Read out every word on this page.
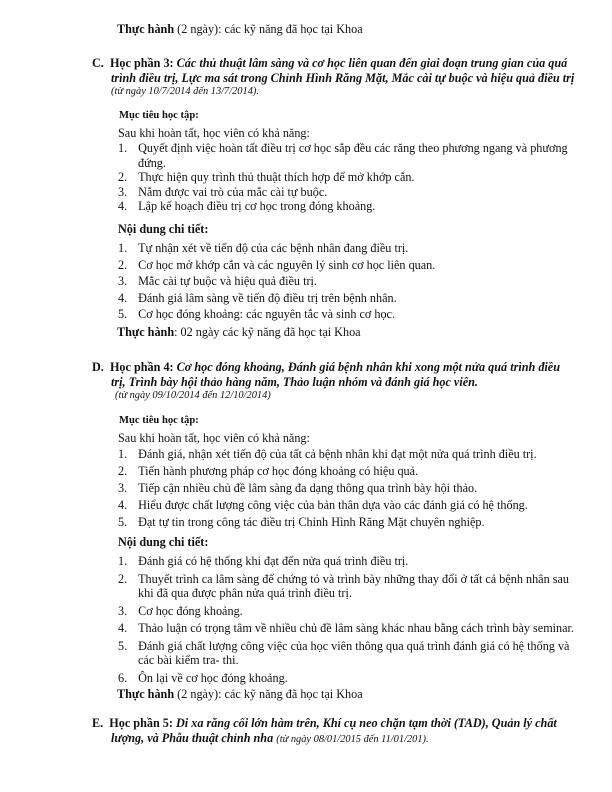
Thực hành (2 ngày): các kỹ năng đã học tại Khoa
C. Học phần 3: Các thủ thuật lâm sàng và cơ học liên quan đến giai đoạn trung gian của quá
trình điều trị, Lực ma sát trong Chỉnh Hình Răng Mặt, Mắc cài tự buộc và hiệu quả điều trị
(từ ngày 10/7/2014 đến 13/7/2014).
Mục tiêu học tập:
Sau khi hoàn tất, học viên có khả năng:
1. Quyết định việc hoàn tất điều trị cơ học sắp đều các răng theo phương ngang và phương
đứng.
2. Thực hiện quy trình thủ thuật thích hợp để mở khớp cắn.
3. Nắm được vai trò của mắc cài tự buộc.
4. Lập kế hoạch điều trị cơ học trong đóng khoảng.
Nội dung chi tiết:
1. Tự nhận xét về tiến độ của các bệnh nhân đang điều trị.
2. Cơ học mở khớp cắn và các nguyên lý sinh cơ học liên quan.
3. Mắc cài tự buộc và hiệu quả điều trị.
4. Đánh giá lâm sàng về tiến độ điều trị trên bệnh nhân.
5. Cơ học đóng khoảng: các nguyên tắc và sinh cơ học.
Thực hành: 02 ngày các kỹ năng đã học tại Khoa
D. Học phần 4: Cơ học đóng khoảng, Đánh giá bệnh nhân khi xong một nửa quá trình điều
trị, Trình bày hội thảo hàng năm, Thảo luận nhóm và đánh giá học viên.
(từ ngày 09/10/2014 đến 12/10/2014)
Mục tiêu học tập:
Sau khi hoàn tất, học viên có khả năng:
1. Đánh giá, nhận xét tiến độ của tất cả bệnh nhân khi đạt một nửa quá trình điều trị.
2. Tiến hành phương pháp cơ học đóng khoảng có hiệu quả.
3. Tiếp cận nhiều chủ đề lâm sàng đa dạng thông qua trình bày hội thảo.
4. Hiểu được chất lượng công việc của bản thân dựa vào các đánh giá có hệ thống.
5. Đạt tự tin trong công tác điều trị Chỉnh Hình Răng Mặt chuyên nghiệp.
Nội dung chi tiết:
1. Đánh giá có hệ thống khi đạt đến nửa quá trình điều trị.
2. Thuyết trình ca lâm sàng để chứng tỏ và trình bày những thay đổi ở tất cả bệnh nhân sau
khi đã qua được phân nửa quá trình điều trị.
3. Cơ học đóng khoảng.
4. Thảo luận có trọng tâm về nhiều chủ đề lâm sàng khác nhau bằng cách trình bày seminar.
5. Đánh giá chất lượng công việc của học viên thông qua quá trình đánh giá có hệ thống và
các bài kiểm tra- thi.
6. Ôn lại về cơ học đóng khoảng.
Thực hành (2 ngày): các kỹ năng đã học tại Khoa
E. Học phần 5: Di xa răng cối lớn hàm trên, Khí cụ neo chặn tạm thời (TAD), Quản lý chất
lượng, và Phẫu thuật chỉnh nha (từ ngày 08/01/2015 đến 11/01/201).
